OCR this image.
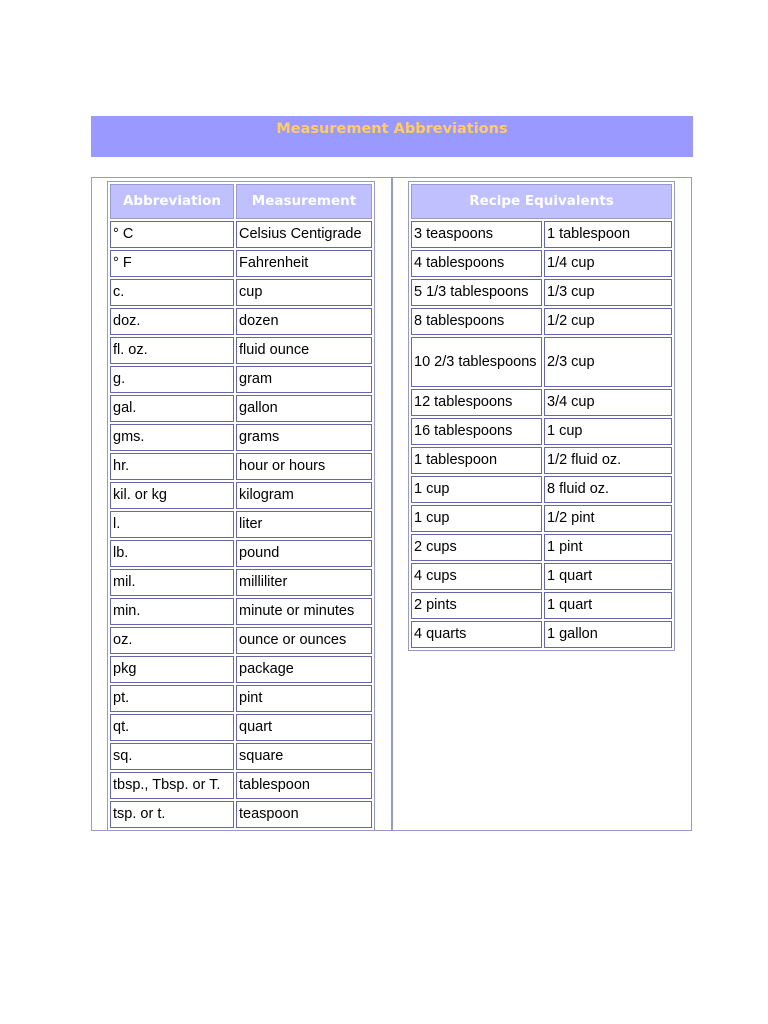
Measurement Abbreviations
Abbreviation	Measurement
° C	Celsius Centigrade
° F	Fahrenheit
c.	cup
doz.	dozen
fl. oz.	fluid ounce
g.	gram
gal.	gallon
gms.	grams
hr.	hour or hours
kil. or kg	kilogram
l.	liter
lb.	pound
mil.	milliliter
min.	minute or minutes
oz.	ounce or ounces
pkg	package
pt.	pint
qt.	quart
sq.	square
tbsp., Tbsp. or T.	tablespoon
tsp. or t.	teaspoon
Recipe Equivalents	
3 teaspoons	1 tablespoon
4 tablespoons	1/4 cup
5 1/3 tablespoons	1/3 cup
8 tablespoons	1/2 cup
10 2/3 tablespoons	2/3 cup
12 tablespoons	3/4 cup
16 tablespoons	1 cup
1 tablespoon	1/2 fluid oz.
1 cup	8 fluid oz.
1 cup	1/2 pint
2 cups	1 pint
4 cups	1 quart
2 pints	1 quart
4 quarts	1 gallon
